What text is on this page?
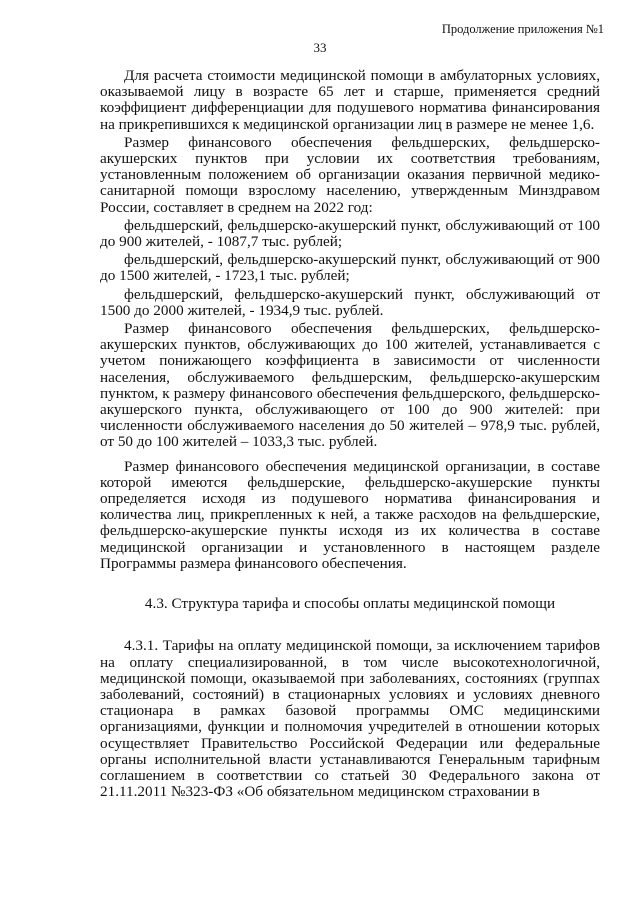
Продолжение приложения №1
33

Для расчета стоимости медицинской помощи в амбулаторных условиях, оказываемой лицу в возрасте 65 лет и старше, применяется средний коэффициент дифференциации для подушевого норматива финансирования на прикрепившихся к медицинской организации лиц в размере не менее 1,6.

Размер финансового обеспечения фельдшерских, фельдшерско-акушерских пунктов при условии их соответствия требованиям, установленным положением об организации оказания первичной медико-санитарной помощи взрослому населению, утвержденным Минздравом России, составляет в среднем на 2022 год:

фельдшерский, фельдшерско-акушерский пункт, обслуживающий от 100 до 900 жителей, - 1087,7 тыс. рублей;

фельдшерский, фельдшерско-акушерский пункт, обслуживающий от 900 до 1500 жителей, - 1723,1 тыс. рублей;

фельдшерский, фельдшерско-акушерский пункт, обслуживающий от 1500 до 2000 жителей, - 1934,9 тыс. рублей.

Размер финансового обеспечения фельдшерских, фельдшерско-акушерских пунктов, обслуживающих до 100 жителей, устанавливается с учетом понижающего коэффициента в зависимости от численности населения, обслуживаемого фельдшерским, фельдшерско-акушерским пунктом, к размеру финансового обеспечения фельдшерского, фельдшерско-акушерского пункта, обслуживающего от 100 до 900 жителей: при численности обслуживаемого населения до 50 жителей – 978,9 тыс. рублей, от 50 до 100 жителей – 1033,3 тыс. рублей.

Размер финансового обеспечения медицинской организации, в составе которой имеются фельдшерские, фельдшерско-акушерские пункты определяется исходя из подушевого норматива финансирования и количества лиц, прикрепленных к ней, а также расходов на фельдшерские, фельдшерско-акушерские пункты исходя из их количества в составе медицинской организации и установленного в настоящем разделе Программы размера финансового обеспечения.

4.3. Структура тарифа и способы оплаты медицинской помощи

4.3.1. Тарифы на оплату медицинской помощи, за исключением тарифов на оплату специализированной, в том числе высокотехнологичной, медицинской помощи, оказываемой при заболеваниях, состояниях (группах заболеваний, состояний) в стационарных условиях и условиях дневного стационара в рамках базовой программы ОМС медицинскими организациями, функции и полномочия учредителей в отношении которых осуществляет Правительство Российской Федерации или федеральные органы исполнительной власти устанавливаются Генеральным тарифным соглашением в соответствии со статьей 30 Федерального закона от 21.11.2011 №323-ФЗ «Об обязательном медицинском страховании в
